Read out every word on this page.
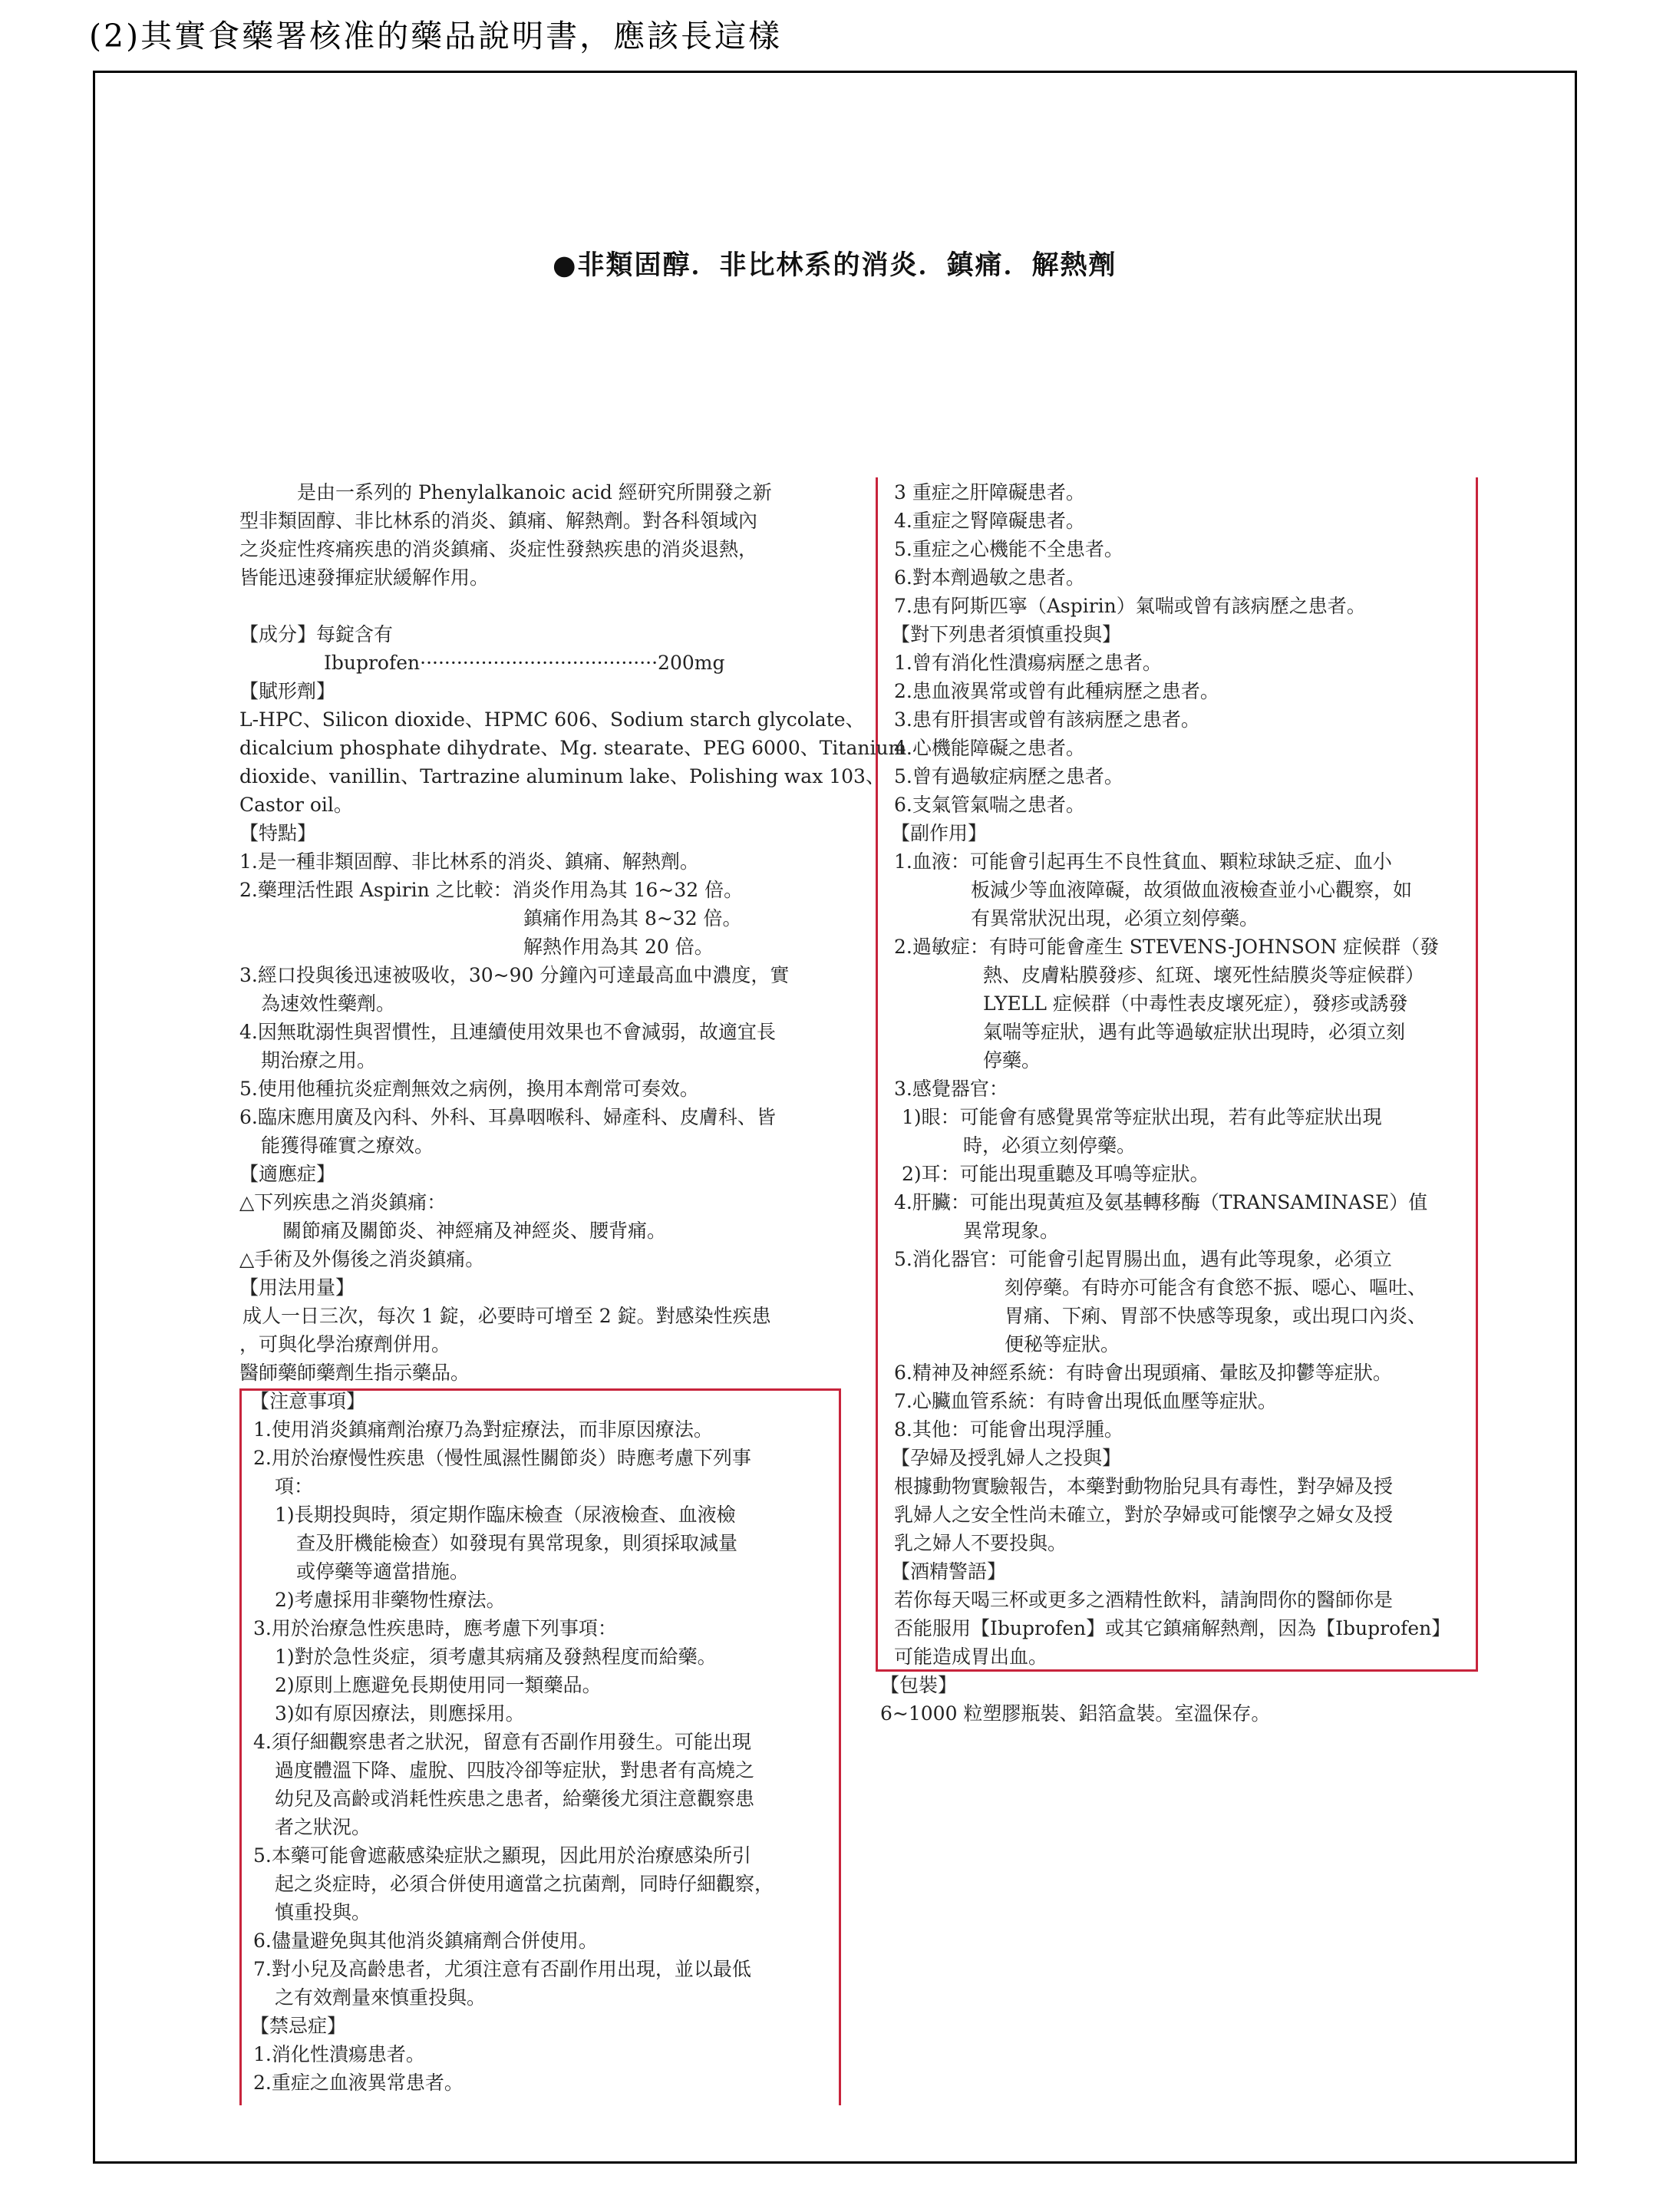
(2)其實食藥署核准的藥品說明書，應該長這樣
●非類固醇．非比林系的消炎．鎮痛．解熱劑
　　　是由一系列的 Phenylalkanoic acid 經研究所開發之新
型非類固醇、非比林系的消炎、鎮痛、解熱劑。對各科領域內
之炎症性疼痛疾患的消炎鎮痛、炎症性發熱疾患的消炎退熱，
皆能迅速發揮症狀緩解作用。
【成分】每錠含有
Ibuprofen·······································200mg
【賦形劑】
L-HPC、Silicon dioxide、HPMC 606、Sodium starch glycolate、
dicalcium phosphate dihydrate、Mg. stearate、PEG 6000、Titanium
dioxide、vanillin、Tartrazine aluminum lake、Polishing wax 103、
Castor oil。
【特點】
1.是一種非類固醇、非比林系的消炎、鎮痛、解熱劑。
2.藥理活性跟 Aspirin 之比較：消炎作用為其 16~32 倍。
鎮痛作用為其 8~32 倍。
解熱作用為其 20 倍。
3.經口投與後迅速被吸收，30~90 分鐘內可達最高血中濃度，實
為速效性藥劑。
4.因無耽溺性與習慣性，且連續使用效果也不會減弱，故適宜長
期治療之用。
5.使用他種抗炎症劑無效之病例，換用本劑常可奏效。
6.臨床應用廣及內科、外科、耳鼻咽喉科、婦產科、皮膚科、皆
能獲得確實之療效。
【適應症】
△下列疾患之消炎鎮痛：
關節痛及關節炎、神經痛及神經炎、腰背痛。
△手術及外傷後之消炎鎮痛。
【用法用量】
成人一日三次，每次 1 錠，必要時可增至 2 錠。對感染性疾患
，可與化學治療劑併用。
醫師藥師藥劑生指示藥品。
【注意事項】
1.使用消炎鎮痛劑治療乃為對症療法，而非原因療法。
2.用於治療慢性疾患（慢性風濕性關節炎）時應考慮下列事
項：
1)長期投與時，須定期作臨床檢查（尿液檢查、血液檢
查及肝機能檢查）如發現有異常現象，則須採取減量
或停藥等適當措施。
2)考慮採用非藥物性療法。
3.用於治療急性疾患時，應考慮下列事項：
1)對於急性炎症，須考慮其病痛及發熱程度而給藥。
2)原則上應避免長期使用同一類藥品。
3)如有原因療法，則應採用。
4.須仔細觀察患者之狀況，留意有否副作用發生。可能出現
過度體溫下降、虛脫、四肢冷卻等症狀，對患者有高燒之
幼兒及高齡或消耗性疾患之患者，給藥後尤須注意觀察患
者之狀況。
5.本藥可能會遮蔽感染症狀之顯現，因此用於治療感染所引
起之炎症時，必須合併使用適當之抗菌劑，同時仔細觀察，
慎重投與。
6.儘量避免與其他消炎鎮痛劑合併使用。
7.對小兒及高齡患者，尤須注意有否副作用出現，並以最低
之有效劑量來慎重投與。
【禁忌症】
1.消化性潰瘍患者。
2.重症之血液異常患者。
3 重症之肝障礙患者。
4.重症之腎障礙患者。
5.重症之心機能不全患者。
6.對本劑過敏之患者。
7.患有阿斯匹寧（Aspirin）氣喘或曾有該病歷之患者。
【對下列患者須慎重投與】
1.曾有消化性潰瘍病歷之患者。
2.患血液異常或曾有此種病歷之患者。
3.患有肝損害或曾有該病歷之患者。
4.心機能障礙之患者。
5.曾有過敏症病歷之患者。
6.支氣管氣喘之患者。
【副作用】
1.血液：可能會引起再生不良性貧血、顆粒球缺乏症、血小
板減少等血液障礙，故須做血液檢查並小心觀察，如
有異常狀況出現，必須立刻停藥。
2.過敏症：有時可能會產生 STEVENS-JOHNSON 症候群（發
熱、皮膚粘膜發疹、紅斑、壞死性結膜炎等症候群）
LYELL 症候群（中毒性表皮壞死症），發疹或誘發
氣喘等症狀，遇有此等過敏症狀出現時，必須立刻
停藥。
3.感覺器官：
1)眼：可能會有感覺異常等症狀出現，若有此等症狀出現
時，必須立刻停藥。
2)耳：可能出現重聽及耳鳴等症狀。
4.肝臟：可能出現黃疸及氨基轉移酶（TRANSAMINASE）值
異常現象。
5.消化器官：可能會引起胃腸出血，遇有此等現象，必須立
刻停藥。有時亦可能含有食慾不振、噁心、嘔吐、
胃痛、下痢、胃部不快感等現象，或出現口內炎、
便秘等症狀。
6.精神及神經系統：有時會出現頭痛、暈眩及抑鬱等症狀。
7.心臟血管系統：有時會出現低血壓等症狀。
8.其他：可能會出現浮腫。
【孕婦及授乳婦人之投與】
根據動物實驗報告，本藥對動物胎兒具有毒性，對孕婦及授
乳婦人之安全性尚未確立，對於孕婦或可能懷孕之婦女及授
乳之婦人不要投與。
【酒精警語】
若你每天喝三杯或更多之酒精性飲料，請詢問你的醫師你是
否能服用【Ibuprofen】或其它鎮痛解熱劑，因為【Ibuprofen】
可能造成胃出血。
【包裝】
6~1000 粒塑膠瓶裝、鋁箔盒裝。室溫保存。
